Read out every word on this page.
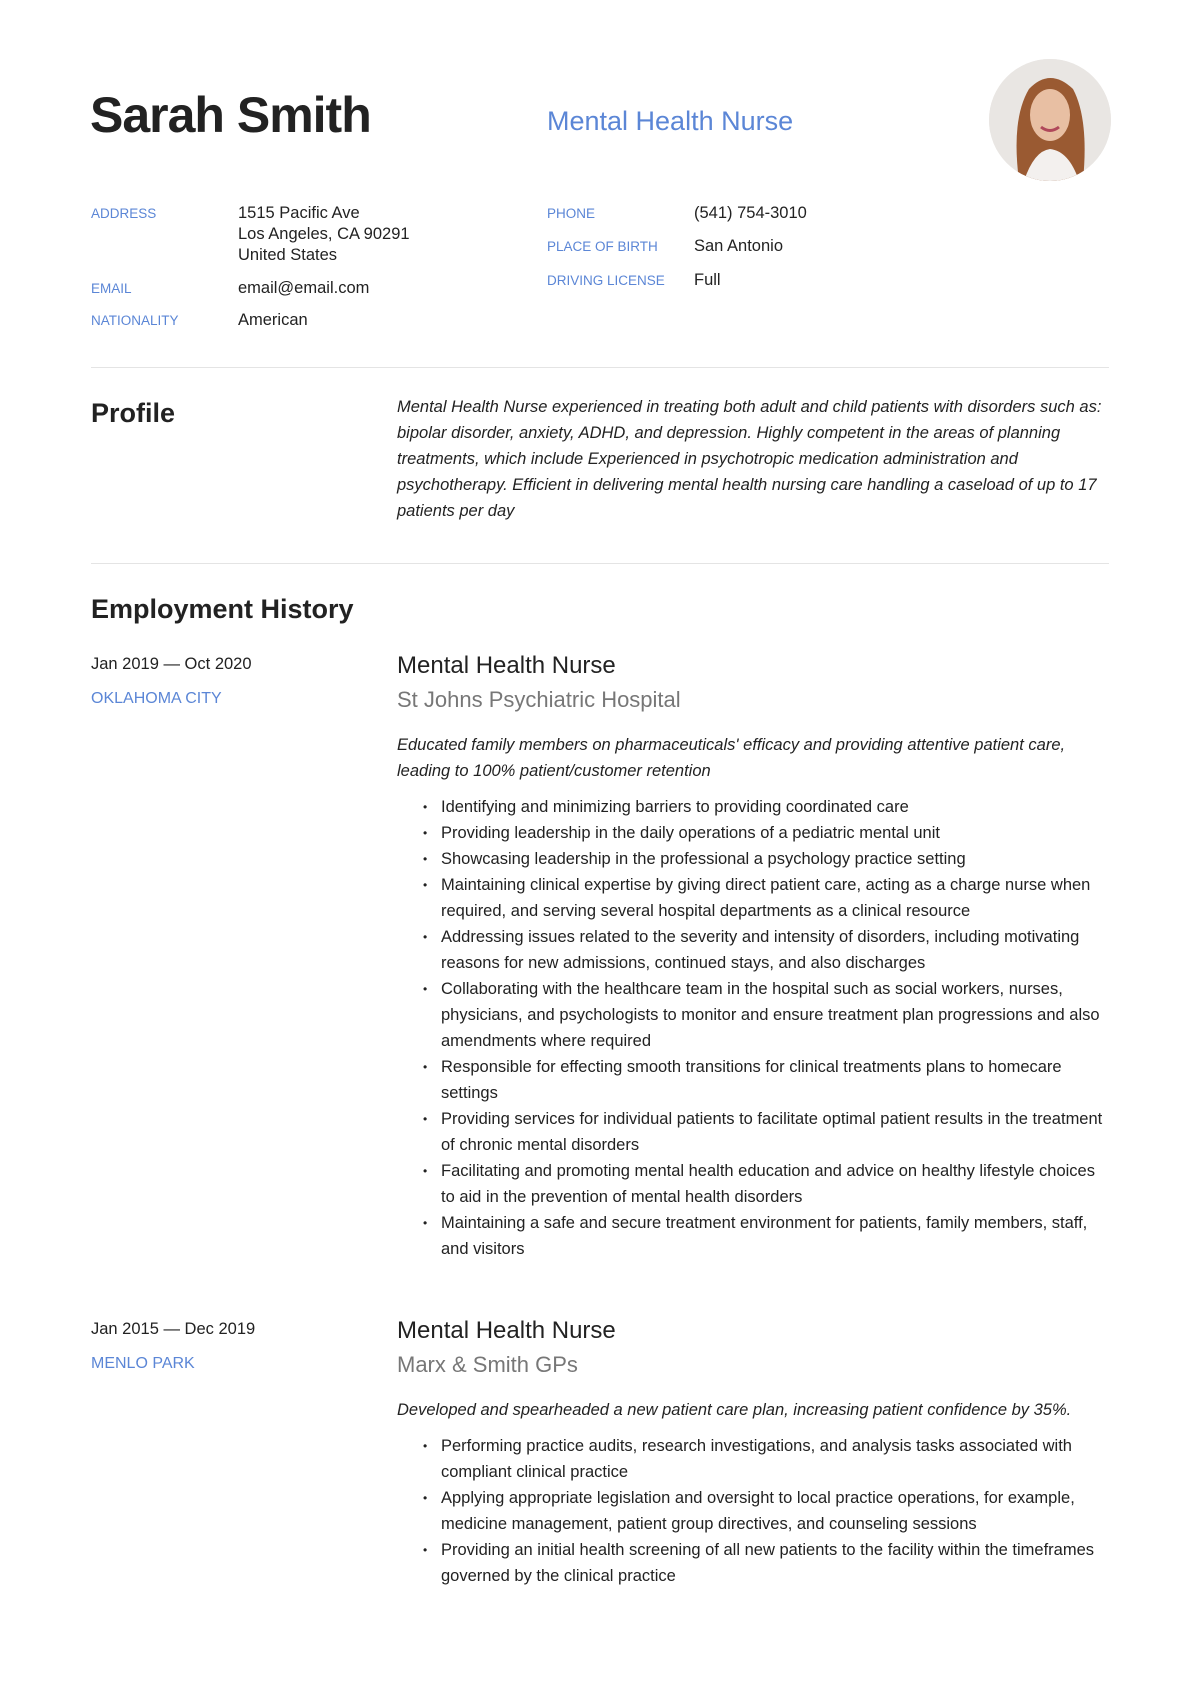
Sarah Smith	Mental Health Nurse
ADDRESS	1515 Pacific Ave
Los Angeles, CA 90291
United States
EMAIL	email@email.com
NATIONALITY	American
PHONE	(541) 754-3010
PLACE OF BIRTH San Antonio
DRIVING LICENSE Full
Profile	Mental Health Nurse experienced in treating both adult and child patients with disorders such as: bipolar disorder, anxiety, ADHD, and depression. Highly competent in the areas of planning treatments, which include Experienced in psychotropic medication administration and psychotherapy. Efficient in delivering mental health nursing care handling a caseload of up to 17 patients per day
Employment History
Jan 2019 — Oct 2020
OKLAHOMA CITY
Mental Health Nurse
St Johns Psychiatric Hospital
Educated family members on pharmaceuticals' efficacy and providing attentive patient care, leading to 100% patient/customer retention
• Identifying and minimizing barriers to providing coordinated care
• Providing leadership in the daily operations of a pediatric mental unit
• Showcasing leadership in the professional a psychology practice setting
• Maintaining clinical expertise by giving direct patient care, acting as a charge nurse when required, and serving several hospital departments as a clinical resource
• Addressing issues related to the severity and intensity of disorders, including motivating reasons for new admissions, continued stays, and also discharges
• Collaborating with the healthcare team in the hospital such as social workers, nurses, physicians, and psychologists to monitor and ensure treatment plan progressions and also amendments where required
• Responsible for effecting smooth transitions for clinical treatments plans to homecare settings
• Providing services for individual patients to facilitate optimal patient results in the treatment of chronic mental disorders
• Facilitating and promoting mental health education and advice on healthy lifestyle choices to aid in the prevention of mental health disorders
• Maintaining a safe and secure treatment environment for patients, family members, staff, and visitors
Jan 2015 — Dec 2019
MENLO PARK
Mental Health Nurse
Marx & Smith GPs
Developed and spearheaded a new patient care plan, increasing patient confidence by 35%.
• Performing practice audits, research investigations, and analysis tasks associated with compliant clinical practice
• Applying appropriate legislation and oversight to local practice operations, for example, medicine management, patient group directives, and counseling sessions
• Providing an initial health screening of all new patients to the facility within the timeframes governed by the clinical practice
